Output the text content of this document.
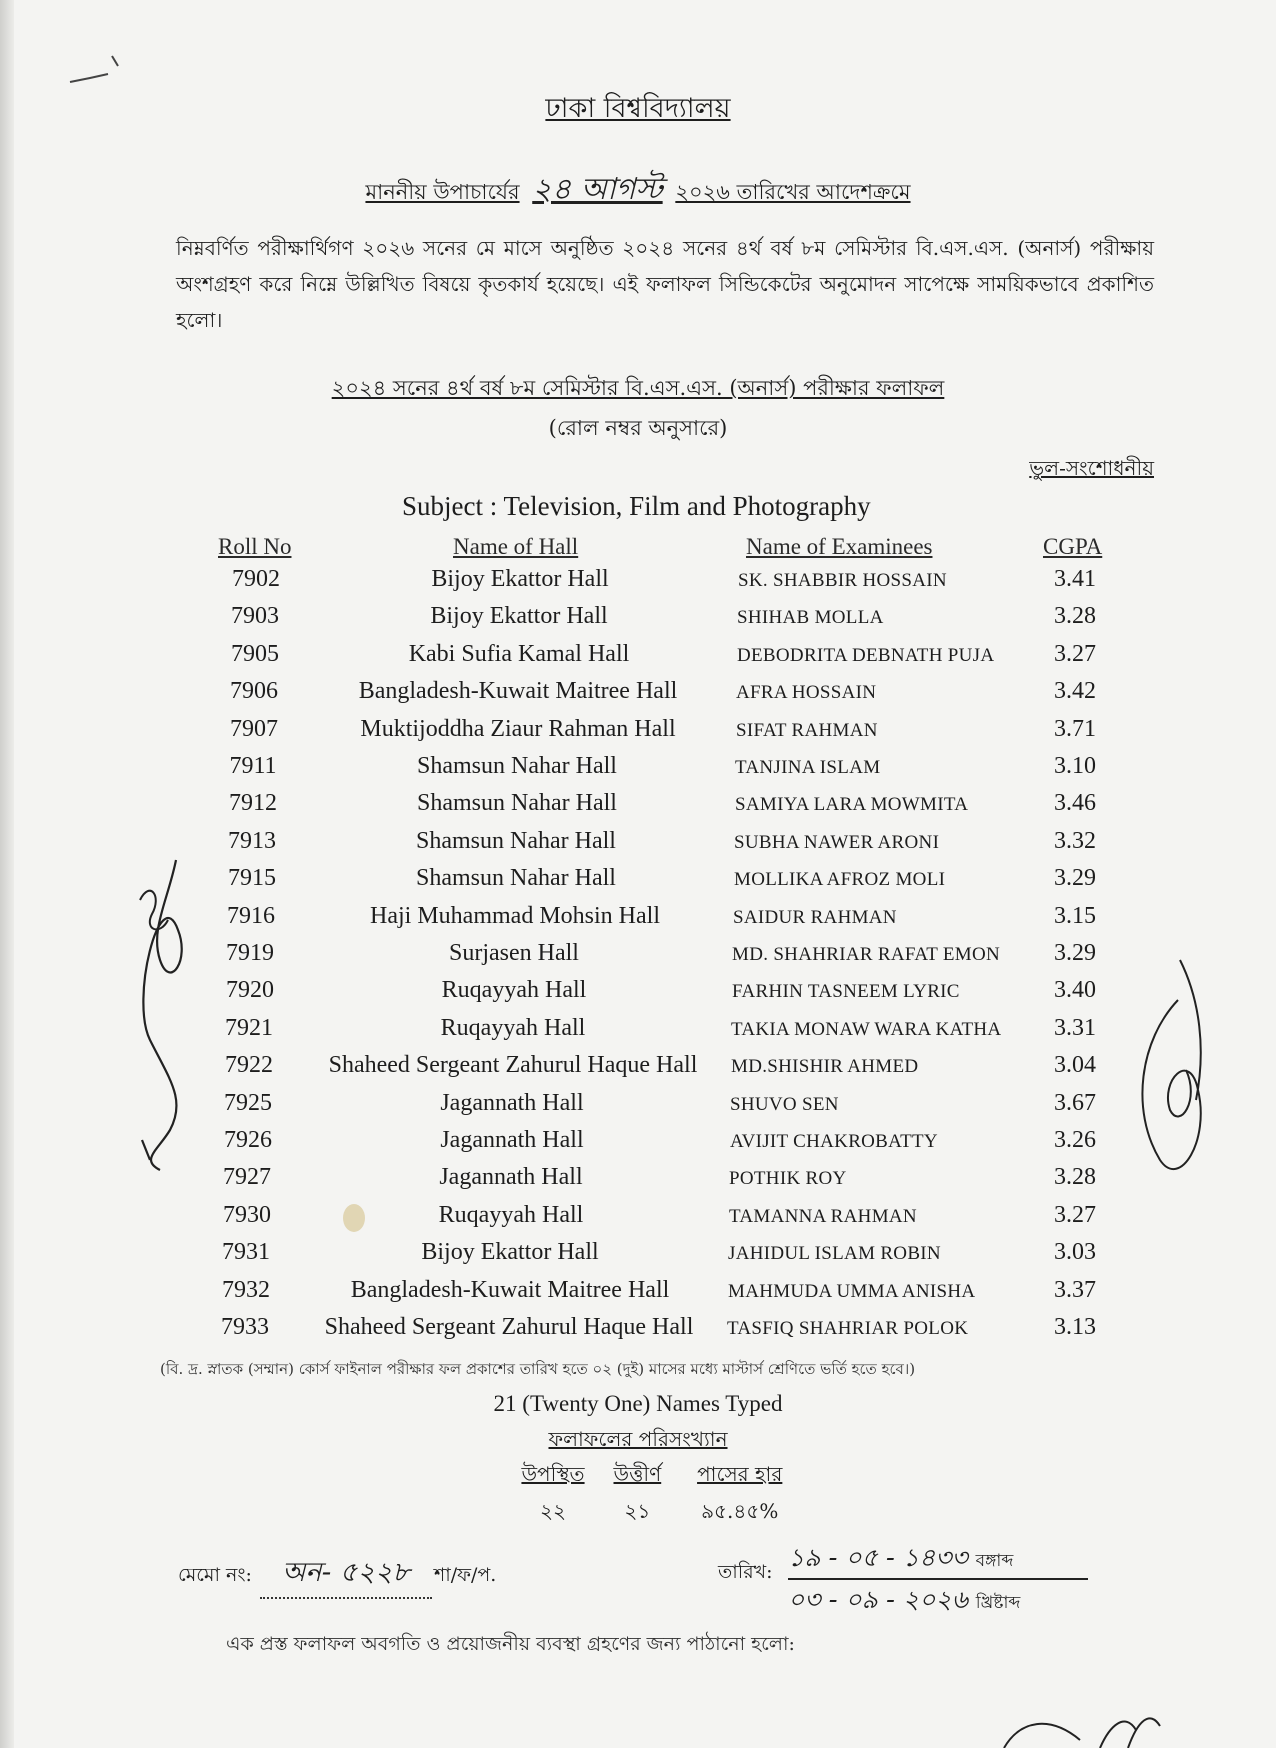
ঢাকা বিশ্ববিদ্যালয়
মাননীয় উপাচার্যের ২৪ আগস্ট ২০২৬ তারিখের আদেশক্রমে
নিম্নবর্ণিত পরীক্ষার্থিগণ ২০২৬ সনের মে মাসে অনুষ্ঠিত ২০২৪ সনের ৪র্থ বর্ষ ৮ম সেমিস্টার বি.এস.এস. (অনার্স) পরীক্ষায় অংশগ্রহণ করে নিম্নে উল্লিখিত বিষয়ে কৃতকার্য হয়েছে। এই ফলাফল সিন্ডিকেটের অনুমোদন সাপেক্ষে সাময়িকভাবে প্রকাশিত হলো।
২০২৪ সনের ৪র্থ বর্ষ ৮ম সেমিস্টার বি.এস.এস. (অনার্স) পরীক্ষার ফলাফল
(রোল নম্বর অনুসারে)
ভুল-সংশোধনীয়
Subject : Television, Film and Photography
Roll No	Name of Hall	Name of Examinees	CGPA
7902	Bijoy Ekattor Hall	SK. SHABBIR HOSSAIN	3.41
7903	Bijoy Ekattor Hall	SHIHAB MOLLA	3.28
7905	Kabi Sufia Kamal Hall	DEBODRITA DEBNATH PUJA	3.27
7906	Bangladesh-Kuwait Maitree Hall	AFRA HOSSAIN	3.42
7907	Muktijoddha Ziaur Rahman Hall	SIFAT RAHMAN	3.71
7911	Shamsun Nahar Hall	TANJINA ISLAM	3.10
7912	Shamsun Nahar Hall	SAMIYA LARA MOWMITA	3.46
7913	Shamsun Nahar Hall	SUBHA NAWER ARONI	3.32
7915	Shamsun Nahar Hall	MOLLIKA AFROZ MOLI	3.29
7916	Haji Muhammad Mohsin Hall	SAIDUR RAHMAN	3.15
7919	Surjasen Hall	MD. SHAHRIAR RAFAT EMON	3.29
7920	Ruqayyah Hall	FARHIN TASNEEM LYRIC	3.40
7921	Ruqayyah Hall	TAKIA MONAW WARA KATHA	3.31
7922	Shaheed Sergeant Zahurul Haque Hall	MD.SHISHIR AHMED	3.04
7925	Jagannath Hall	SHUVO SEN	3.67
7926	Jagannath Hall	AVIJIT CHAKROBATTY	3.26
7927	Jagannath Hall	POTHIK ROY	3.28
7930	Ruqayyah Hall	TAMANNA RAHMAN	3.27
7931	Bijoy Ekattor Hall	JAHIDUL ISLAM ROBIN	3.03
7932	Bangladesh-Kuwait Maitree Hall	MAHMUDA UMMA ANISHA	3.37
7933	Shaheed Sergeant Zahurul Haque Hall	TASFIQ SHAHRIAR POLOK	3.13
(বি. দ্র. স্নাতক (সম্মান) কোর্স ফাইনাল পরীক্ষার ফল প্রকাশের তারিখ হতে ০২ (দুই) মাসের মধ্যে মাস্টার্স শ্রেণিতে ভর্তি হতে হবে।)
21 (Twenty One) Names Typed
ফলাফলের পরিসংখ্যান
উপস্থিত উত্তীর্ণ পাসের হার
২২	২১	৯৫.৪৫%
মেমো নং: অন- ৫২২৮ শা/ফ/প.	তারিখ: ১৯ - ০৫ - ১৪৩৩ বঙ্গাব্দ
০৩ - ০৯ - ২০২৬ খ্রিষ্টাব্দ
এক প্রস্ত ফলাফল অবগতি ও প্রয়োজনীয় ব্যবস্থা গ্রহণের জন্য পাঠানো হলো:
